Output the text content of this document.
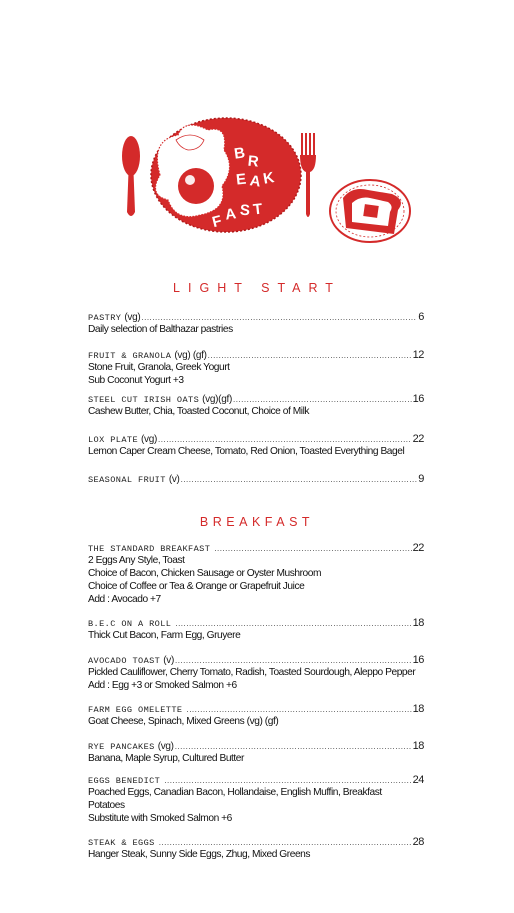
B R
E A K
F A S T
LIGHT START
PASTRY (vg) .....	6
Daily selection of Balthazar pastries
FRUIT & GRANOLA (vg) (gf) .....	12
Stone Fruit, Granola, Greek Yogurt
Sub Coconut Yogurt +3
STEEL CUT IRISH OATS (vg)(gf) .....	16
Cashew Butter, Chia, Toasted Coconut, Choice of Milk
LOX PLATE (vg) .....	22
Lemon Caper Cream Cheese, Tomato, Red Onion, Toasted Everything Bagel
SEASONAL FRUIT (v) .....	9
BREAKFAST
THE STANDARD BREAKFAST .....	22
2 Eggs Any Style, Toast
Choice of Bacon, Chicken Sausage or Oyster Mushroom
Choice of Coffee or Tea & Orange or Grapefruit Juice
Add : Avocado +7
B.E.C ON A ROLL .....	18
Thick Cut Bacon, Farm Egg, Gruyere
AVOCADO TOAST (v) .....	16
Pickled Cauliflower, Cherry Tomato, Radish, Toasted Sourdough, Aleppo Pepper
Add : Egg +3 or Smoked Salmon +6
FARM EGG OMELETTE .....	18
Goat Cheese, Spinach, Mixed Greens (vg) (gf)
RYE PANCAKES (vg) .....	18
Banana, Maple Syrup, Cultured Butter
EGGS BENEDICT .....	24
Poached Eggs, Canadian Bacon, Hollandaise, English Muffin, Breakfast
Potatoes
Substitute with Smoked Salmon +6
STEAK & EGGS .....	28
Hanger Steak, Sunny Side Eggs, Zhug, Mixed Greens
